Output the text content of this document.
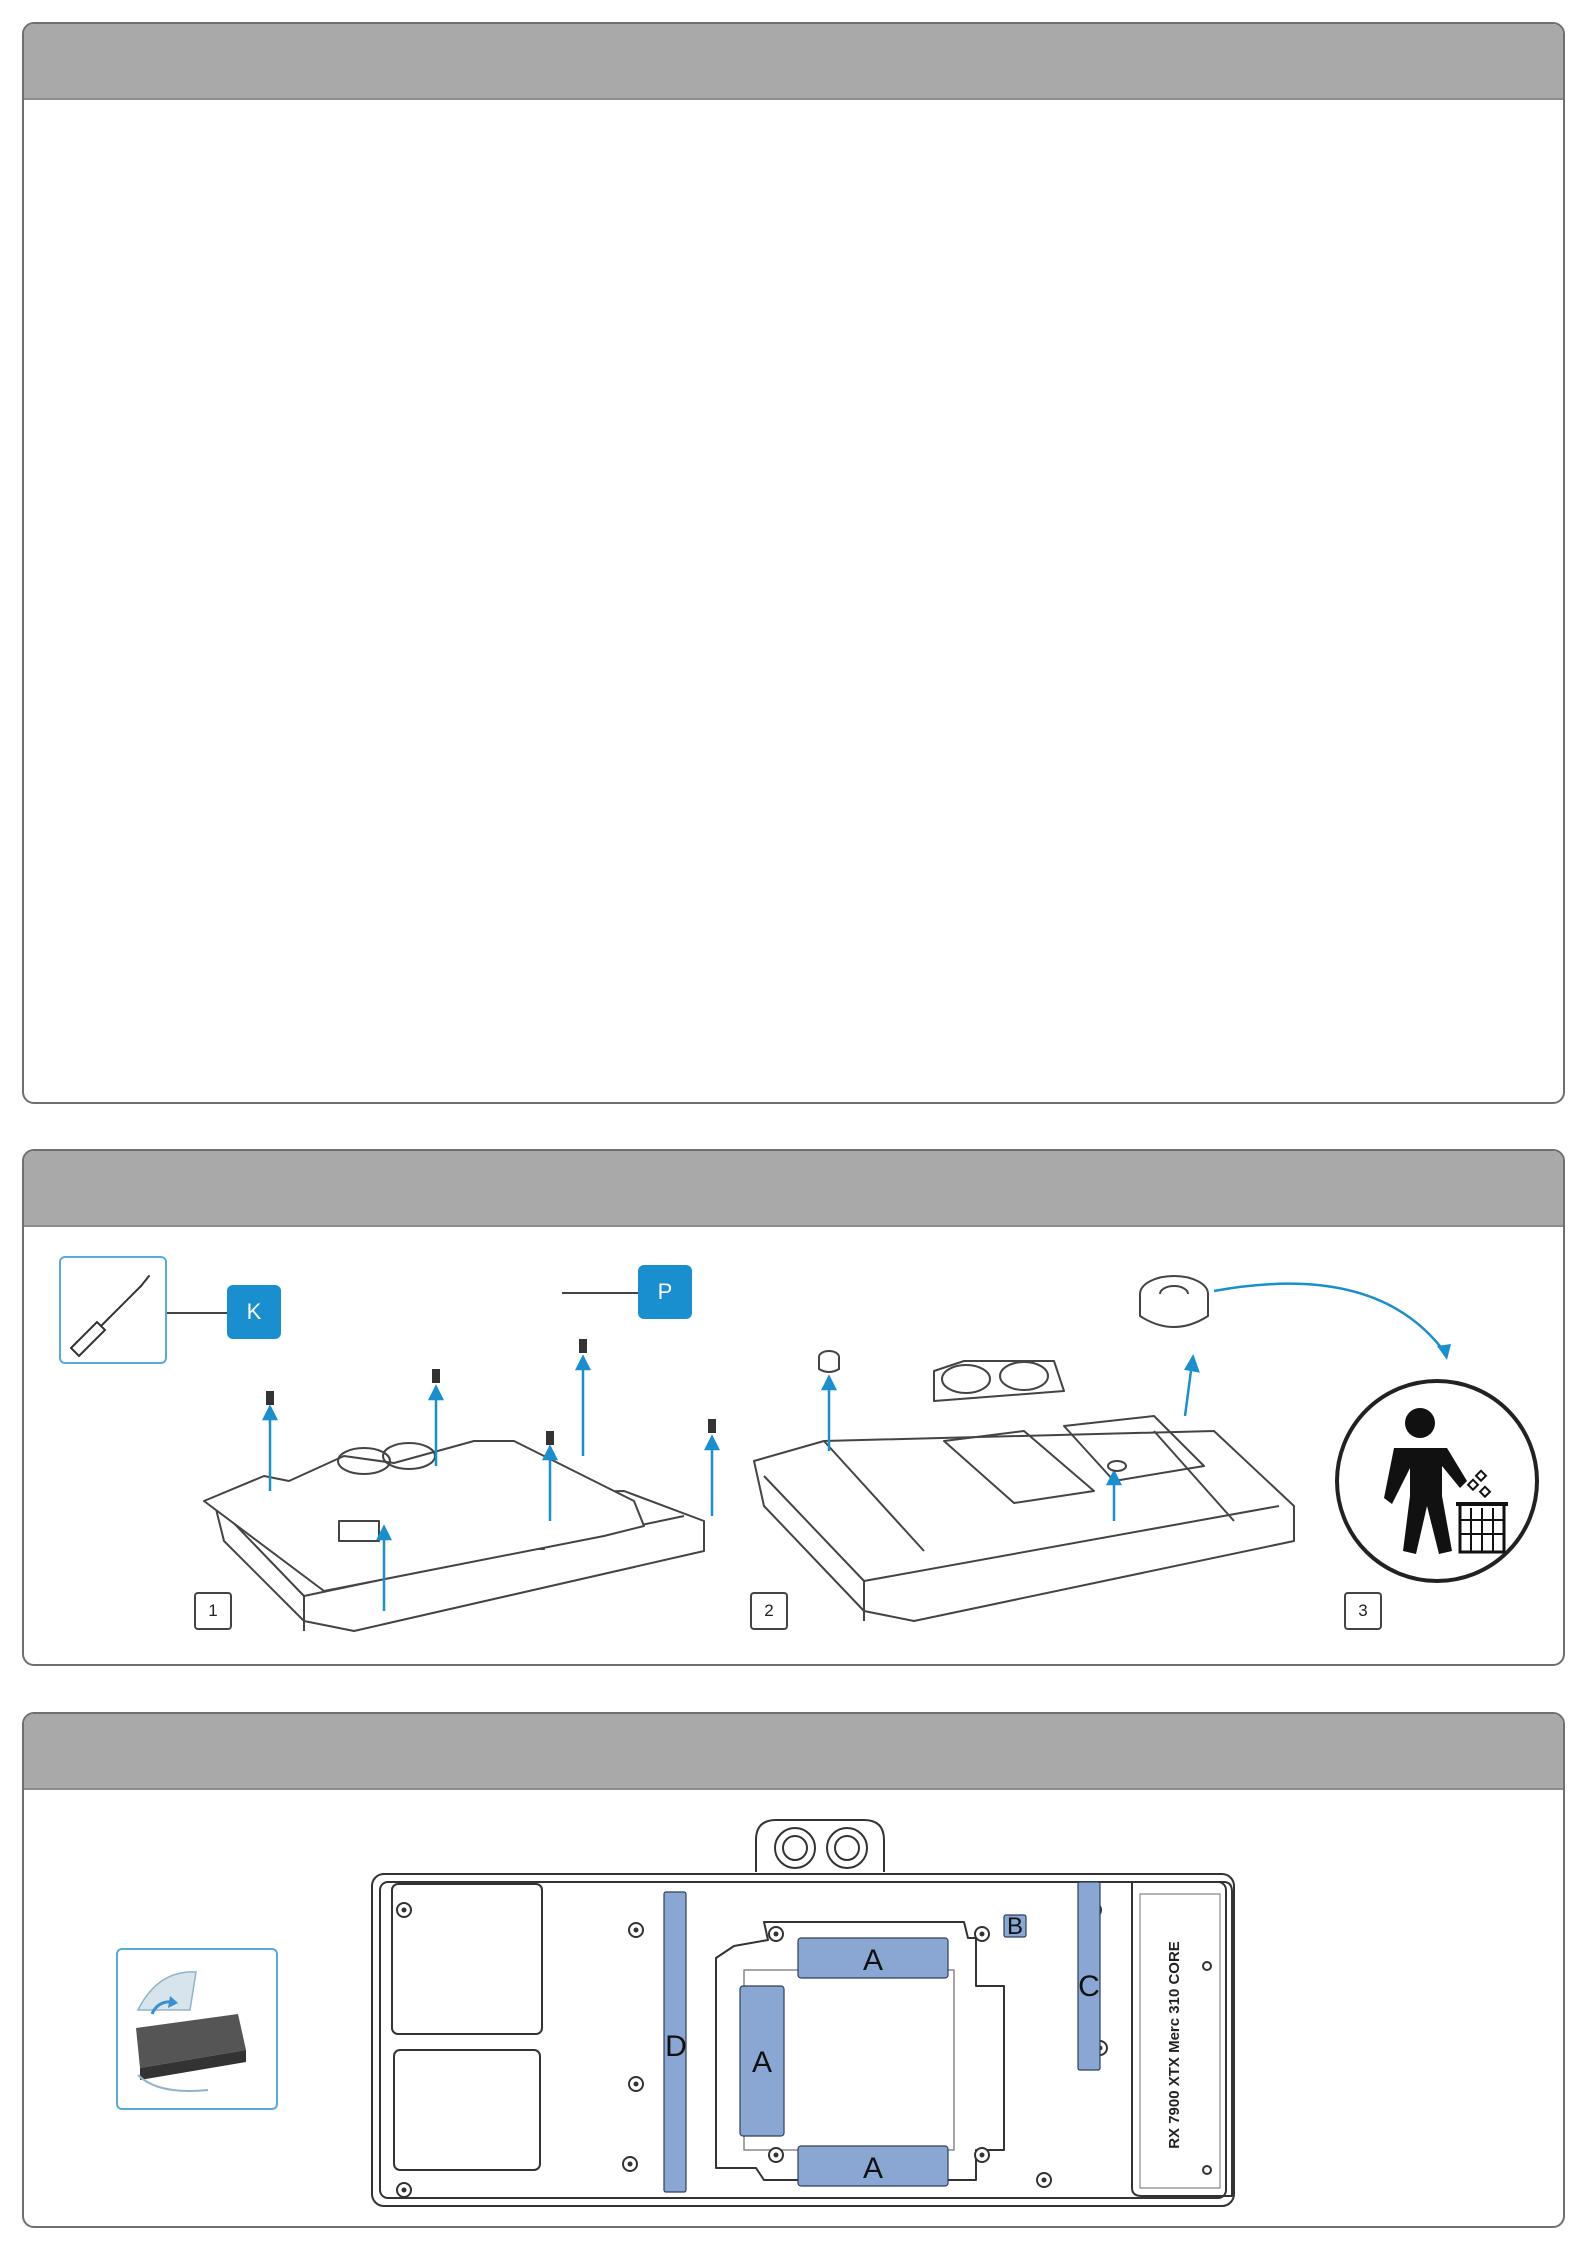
K
P
1	2	3
A
A
A
B
C
D	RX 7900 XTX Merc 310 CORE
